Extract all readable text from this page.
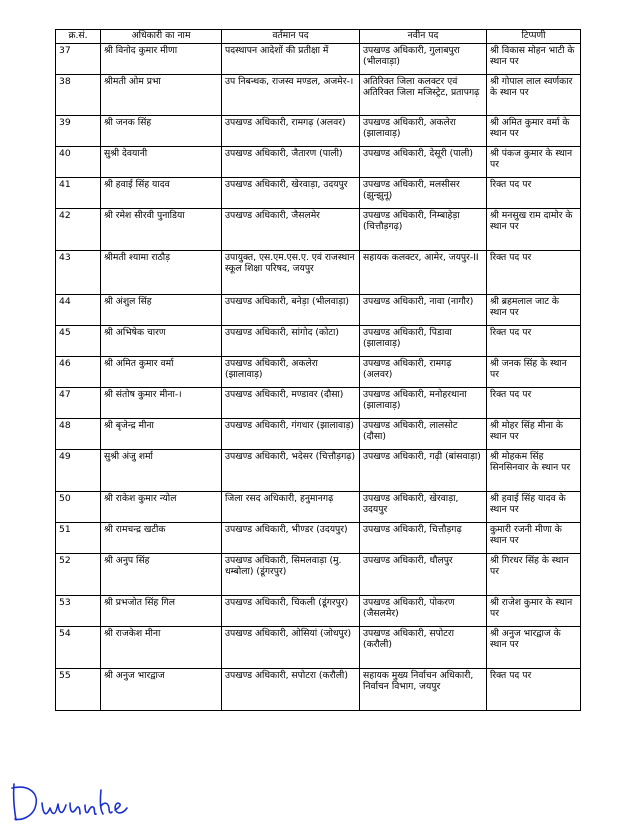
क्र.सं.	अधिकारी का नाम	वर्तमान पद	नवीन पद	टिप्पणी
37	श्री विनोद कुमार मीणा	पदस्थापन आदेशों की प्रतीक्षा में	उपखण्ड अधिकारी, गुलाबपुरा (भीलवाड़ा)	श्री विकास मोहन भाटी के स्थान पर
38	श्रीमती ओम प्रभा	उप निबन्धक, राजस्व मण्डल, अजमेर-।	अतिरिक्त जिला कलक्टर एवं अतिरिक्त जिला मजिस्ट्रेट, प्रतापगढ़	श्री गोपाल लाल स्वर्णकार के स्थान पर
39	श्री जनक सिंह	उपखण्ड अधिकारी, रामगढ़ (अलवर)	उपखण्ड अधिकारी, अकलेरा (झालावाड़)	श्री अमित कुमार वर्मा के स्थान पर
40	सुश्री देवयानी	उपखण्ड अधिकारी, जैतारण (पाली)	उपखण्ड अधिकारी, देसूरी (पाली)	श्री पंकज कुमार के स्थान पर
41	श्री हवाई सिंह यादव	उपखण्ड अधिकारी, खेरवाड़ा, उदयपुर	उपखण्ड अधिकारी, मलसीसर (झुन्झुनू)	रिक्त पद पर
42	श्री रमेश सीरवी पुनाडिया	उपखण्ड अधिकारी, जैसलमेर	उपखण्ड अधिकारी, निम्बाहेड़ा (चित्तौड़गढ़)	श्री मनसुख राम दामोर के स्थान पर
43	श्रीमती श्यामा राठौड़	उपायुक्त, एस.एम.एस.ए. एवं राजस्थान स्कूल शिक्षा परिषद, जयपुर	सहायक कलक्टर, आमेर, जयपुर-II	रिक्त पद पर
44	श्री अंशुल सिंह	उपखण्ड अधिकारी, बनेड़ा (भीलवाड़ा)	उपखण्ड अधिकारी, नावा (नागौर)	श्री ब्रहमलाल जाट के स्थान पर
45	श्री अभिषेक चारण	उपखण्ड अधिकारी, सांगोद (कोटा)	उपखण्ड अधिकारी, पिडावा (झालावाड़)	रिक्त पद पर
46	श्री अमित कुमार वर्मा	उपखण्ड अधिकारी, अकलेरा (झालावाड़)	उपखण्ड अधिकारी, रामगढ़ (अलवर)	श्री जनक सिंह के स्थान पर
47	श्री संतोष कुमार मीना-।	उपखण्ड अधिकारी, मण्डावर (दौसा)	उपखण्ड अधिकारी, मनोहरथाना (झालावाड़)	रिक्त पद पर
48	श्री बृजेन्द्र मीना	उपखण्ड अधिकारी, गंगधार (झालावाड़)	उपखण्ड अधिकारी, लालसोट (दौसा)	श्री मोहर सिंह मीना के स्थान पर
49	सुश्री अंजु शर्मा	उपखण्ड अधिकारी, भदेसर (चित्तौड़गढ़)	उपखण्ड अधिकारी, गढ़ी (बांसवाड़ा)	श्री मोहकम सिंह सिनसिनवार के स्थान पर
50	श्री राकेश कुमार न्योल	जिला रसद अधिकारी, हनुमानगढ़	उपखण्ड अधिकारी, खेरवाड़ा, उदयपुर	श्री हवाई सिंह यादव के स्थान पर
51	श्री रामचन्द्र खटीक	उपखण्ड अधिकारी, भीण्डर (उदयपुर)	उपखण्ड अधिकारी, चित्तौड़गढ़	कुमारी रजनी मीणा के स्थान पर
52	श्री अनुप सिंह	उपखण्ड अधिकारी, सिमलवाड़ा (मु. धम्बोला) (डूंगरपुर)	उपखण्ड अधिकारी, धौलपुर	श्री गिरधर सिंह के स्थान पर
53	श्री प्रभजोत सिंह गिल	उपखण्ड अधिकारी, चिकली (डूंगरपुर)	उपखण्ड अधिकारी, पोकरण (जैसलमेर)	श्री राजेश कुमार के स्थान पर
54	श्री राजकेश मीना	उपखण्ड अधिकारी, ओसियां (जोधपुर)	उपखण्ड अधिकारी, सपोटरा (करौली)	श्री अनुज भारद्वाज के स्थान पर
55	श्री अनुज भारद्वाज	उपखण्ड अधिकारी, सपोटरा (करौली)	सहायक मुख्य निर्वाचन अधिकारी, निर्वाचन विभाग, जयपुर	रिक्त पद पर
